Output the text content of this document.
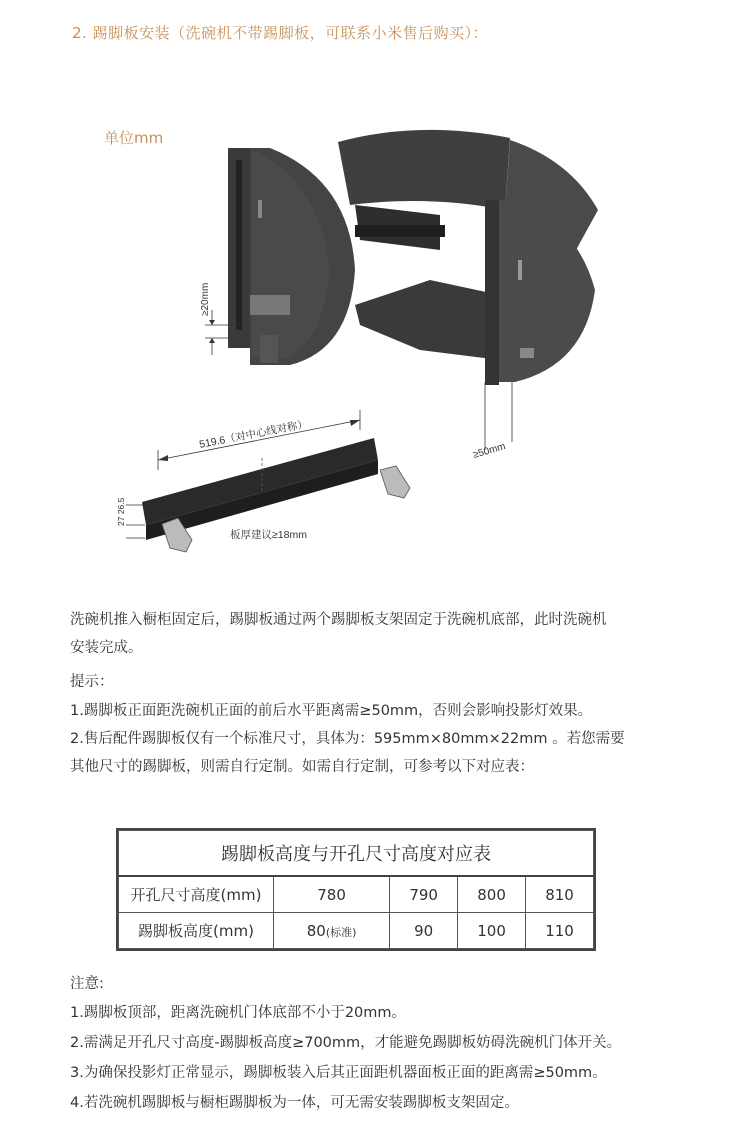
2. 踢脚板安装（洗碗机不带踢脚板，可联系小米售后购买）：
单位mm
≥20mm
≥50mm
519.6（对中心线对称）
27 26.5
板厚建议≥18mm
洗碗机推入橱柜固定后，踢脚板通过两个踢脚板支架固定于洗碗机底部，此时洗碗机
安装完成。
提示：
1.踢脚板正面距洗碗机正面的前后水平距离需≥50mm，否则会影响投影灯效果。
2.售后配件踢脚板仅有一个标准尺寸，具体为：595mm×80mm×22mm 。若您需要
其他尺寸的踢脚板，则需自行定制。如需自行定制，可参考以下对应表：
踢脚板高度与开孔尺寸高度对应表				
开孔尺寸高度(mm)	780	790	800	810
踢脚板高度(mm)	80(标准)	90	100	110
注意:
1.踢脚板顶部，距离洗碗机门体底部不小于20mm。
2.需满足开孔尺寸高度-踢脚板高度≥700mm，才能避免踢脚板妨碍洗碗机门体开关。
3.为确保投影灯正常显示，踢脚板装入后其正面距机器面板正面的距离需≥50mm。
4.若洗碗机踢脚板与橱柜踢脚板为一体，可无需安装踢脚板支架固定。
